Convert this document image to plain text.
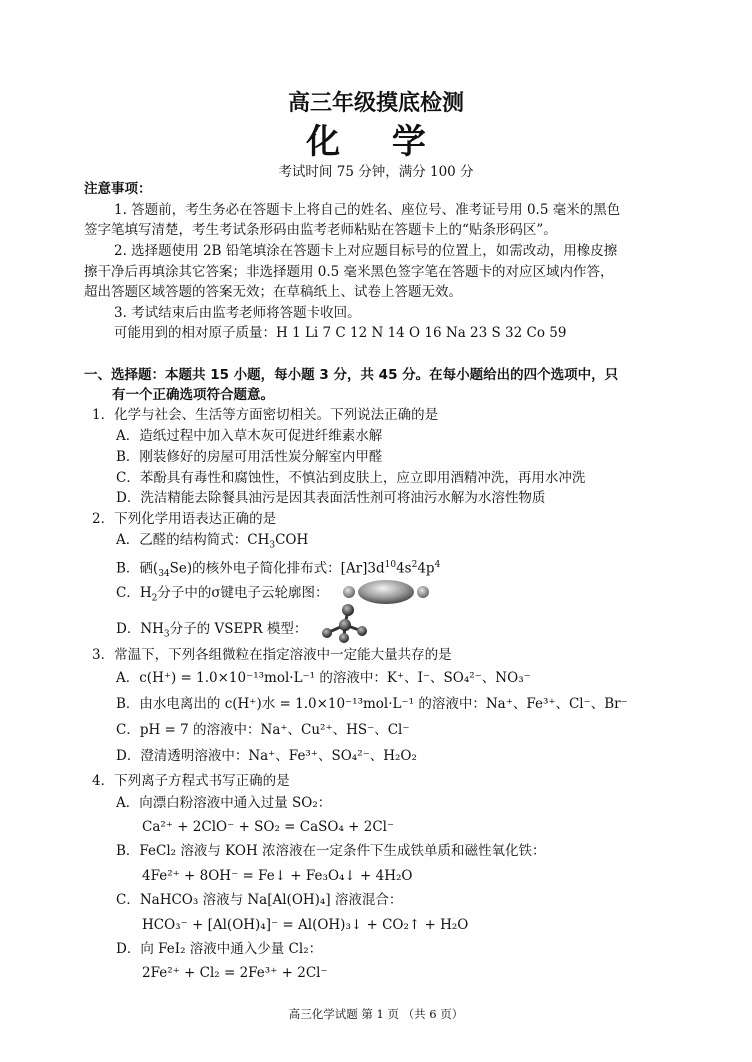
高三年级摸底检测
化 学
考试时间 75 分钟，满分 100 分
注意事项：
1. 答题前，考生务必在答题卡上将自己的姓名、座位号、准考证号用 0.5 毫米的黑色
签字笔填写清楚，考生考试条形码由监考老师粘贴在答题卡上的“贴条形码区”。
2. 选择题使用 2B 铅笔填涂在答题卡上对应题目标号的位置上，如需改动，用橡皮擦
擦干净后再填涂其它答案；非选择题用 0.5 毫米黑色签字笔在答题卡的对应区域内作答，
超出答题区域答题的答案无效；在草稿纸上、试卷上答题无效。
3. 考试结束后由监考老师将答题卡收回。
可能用到的相对原子质量：H 1 Li 7 C 12 N 14 O 16 Na 23 S 32 Co 59
一、选择题：本题共 15 小题，每小题 3 分，共 45 分。在每小题给出的四个选项中，只
有一个正确选项符合题意。
1．化学与社会、生活等方面密切相关。下列说法正确的是
A．造纸过程中加入草木灰可促进纤维素水解
B．刚装修好的房屋可用活性炭分解室内甲醛
C．苯酚具有毒性和腐蚀性，不慎沾到皮肤上，应立即用酒精冲洗，再用水冲洗
D．洗洁精能去除餐具油污是因其表面活性剂可将油污水解为水溶性物质
2．下列化学用语表达正确的是
A．乙醛的结构简式：$CH_3COH$
B．硒$(_{34}Se)$的核外电子简化排布式：$[Ar]3d^{10}4s^24p^4$
C．$H_2$分子中的σ键电子云轮廓图：
D．$NH_3$分子的 VSEPR 模型：
3．常温下，下列各组微粒在指定溶液中一定能大量共存的是
A．c(H⁺) = 1.0×10⁻¹³mol·L⁻¹ 的溶液中：K⁺、I⁻、SO₄²⁻、NO₃⁻
B．由水电离出的 c(H⁺)水 = 1.0×10⁻¹³mol·L⁻¹ 的溶液中：Na⁺、Fe³⁺、Cl⁻、Br⁻
C．pH = 7 的溶液中：Na⁺、Cu²⁺、HS⁻、Cl⁻
D．澄清透明溶液中：Na⁺、Fe³⁺、SO₄²⁻、H₂O₂
4．下列离子方程式书写正确的是
A．向漂白粉溶液中通入过量 SO₂：
Ca²⁺ + 2ClO⁻ + SO₂ = CaSO₄ + 2Cl⁻
B．FeCl₂ 溶液与 KOH 浓溶液在一定条件下生成铁单质和磁性氧化铁：
4Fe²⁺ + 8OH⁻ = Fe↓ + Fe₃O₄↓ + 4H₂O
C．NaHCO₃ 溶液与 Na[Al(OH)₄] 溶液混合：
HCO₃⁻ + [Al(OH)₄]⁻ = Al(OH)₃↓ + CO₂↑ + H₂O
D．向 FeI₂ 溶液中通入少量 Cl₂：
2Fe²⁺ + Cl₂ = 2Fe³⁺ + 2Cl⁻
高三化学试题 第 1 页 （共 6 页）
